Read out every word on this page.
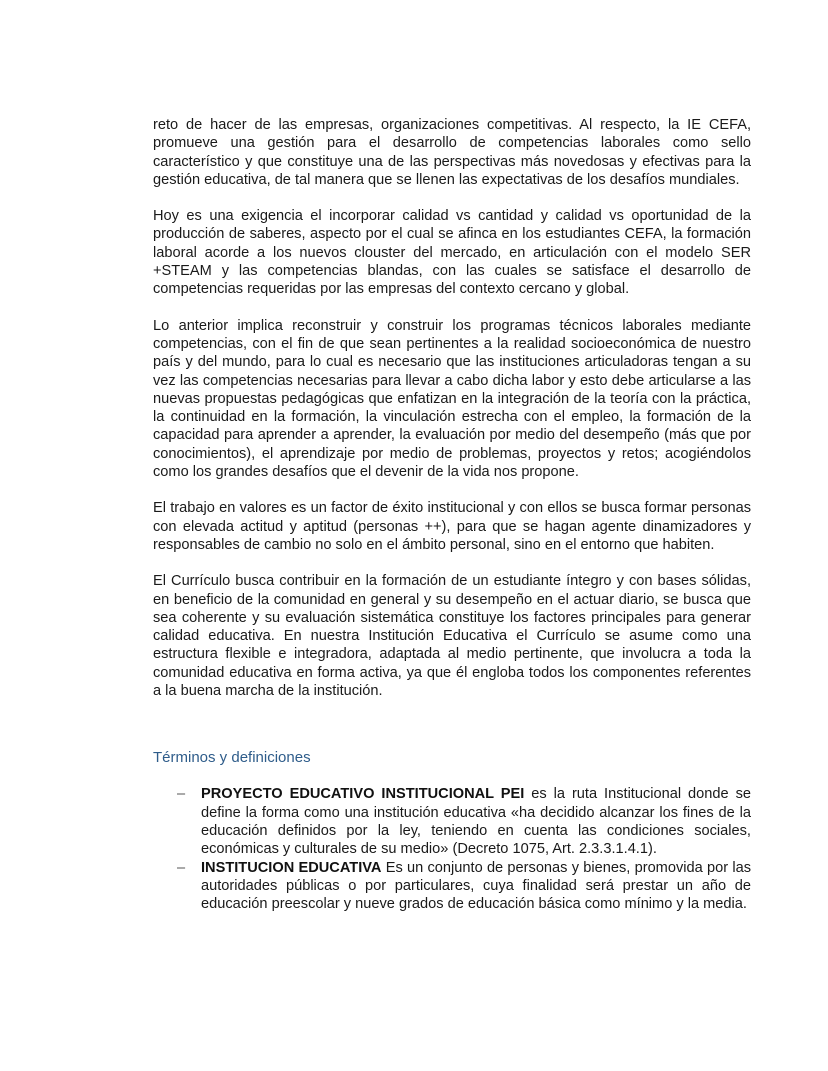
reto de hacer de las empresas, organizaciones competitivas. Al respecto, la IE CEFA, promueve una gestión para el desarrollo de competencias laborales como sello característico y que constituye una de las perspectivas más novedosas y efectivas para la gestión educativa, de tal manera que se llenen las expectativas de los desafíos mundiales.

Hoy es una exigencia el incorporar calidad vs cantidad y calidad vs oportunidad de la producción de saberes, aspecto por el cual se afinca en los estudiantes CEFA, la formación laboral acorde a los nuevos clouster del mercado, en articulación con el modelo SER +STEAM y las competencias blandas, con las cuales se satisface el desarrollo de competencias requeridas por las empresas del contexto cercano y global.

Lo anterior implica reconstruir y construir los programas técnicos laborales mediante competencias, con el fin de que sean pertinentes a la realidad socioeconómica de nuestro país y del mundo, para lo cual es necesario que las instituciones articuladoras tengan a su vez las competencias necesarias para llevar a cabo dicha labor y esto debe articularse a las nuevas propuestas pedagógicas que enfatizan en la integración de la teoría con la práctica, la continuidad en la formación, la vinculación estrecha con el empleo, la formación de la capacidad para aprender a aprender, la evaluación por medio del desempeño (más que por conocimientos), el aprendizaje por medio de problemas, proyectos y retos; acogiéndolos como los grandes desafíos que el devenir de la vida nos propone.

El trabajo en valores es un factor de éxito institucional y con ellos se busca formar personas con elevada actitud y aptitud (personas ++), para que se hagan agente dinamizadores y responsables de cambio no solo en el ámbito personal, sino en el entorno que habiten.

El Currículo busca contribuir en la formación de un estudiante íntegro y con bases sólidas, en beneficio de la comunidad en general y su desempeño en el actuar diario, se busca que sea coherente y su evaluación sistemática constituye los factores principales para generar calidad educativa. En nuestra Institución Educativa el Currículo se asume como una estructura flexible e integradora, adaptada al medio pertinente, que involucra a toda la comunidad educativa en forma activa, ya que él engloba todos los componentes referentes a la buena marcha de la institución.

Términos y definiciones
– PROYECTO EDUCATIVO INSTITUCIONAL PEI es la ruta Institucional donde se define la forma como una institución educativa «ha decidido alcanzar los fines de la educación definidos por la ley, teniendo en cuenta las condiciones sociales, económicas y culturales de su medio» (Decreto 1075, Art. 2.3.3.1.4.1).
– INSTITUCION EDUCATIVA Es un conjunto de personas y bienes, promovida por las autoridades públicas o por particulares, cuya finalidad será prestar un año de educación preescolar y nueve grados de educación básica como mínimo y la media.
